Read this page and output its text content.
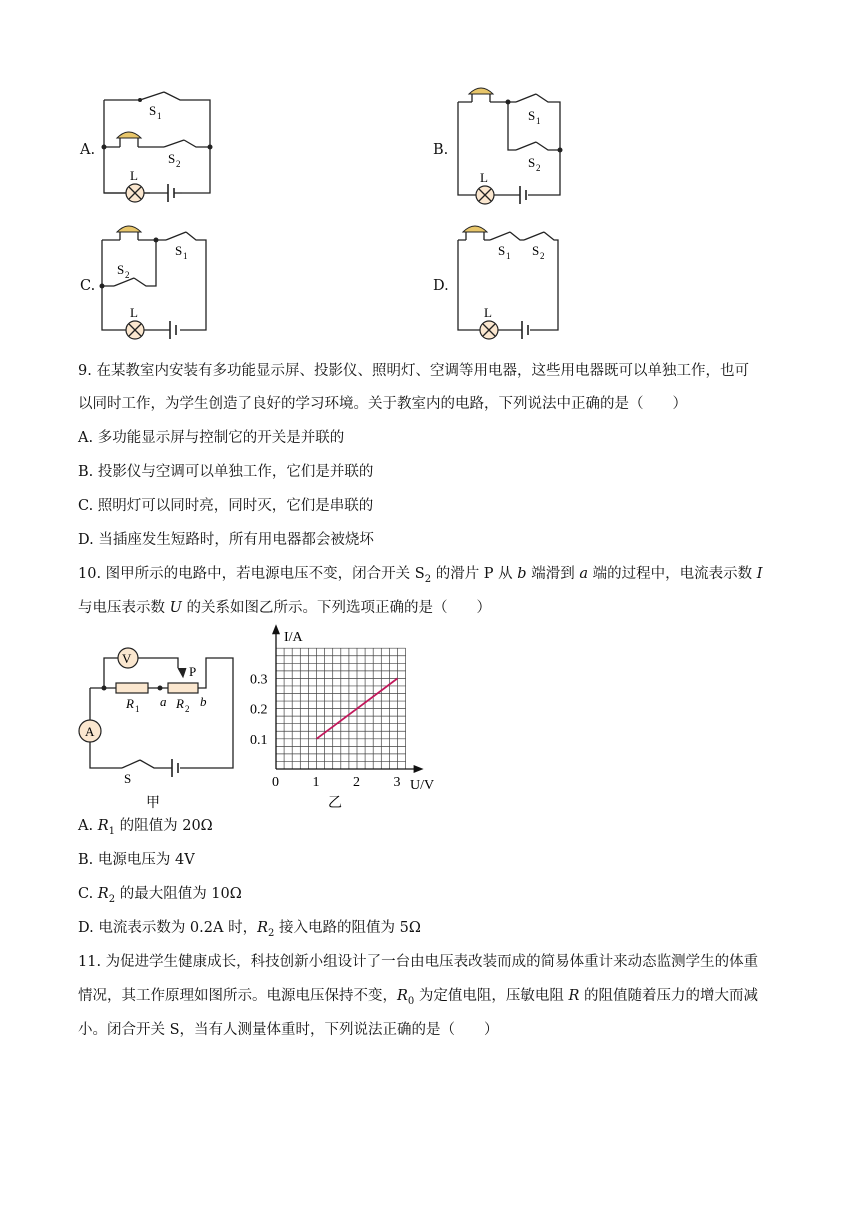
A.	B.
C.	D.
S 1
S 2
L
S 1
S 2
L
S 1
S 2
L
S 1 S 2
L
9. 在某教室内安装有多功能显示屏、投影仪、照明灯、空调等用电器，这些用电器既可以单独工作，也可
以同时工作，为学生创造了良好的学习环境。关于教室内的电路，下列说法中正确的是（　　）
A. 多功能显示屏与控制它的开关是并联的
B. 投影仪与空调可以单独工作，它们是并联的
C. 照明灯可以同时亮，同时灭，它们是串联的
D. 当插座发生短路时，所有用电器都会被烧坏
10. 图甲所示的电路中，若电源电压不变，闭合开关 $S_2$ 的滑片 P 从 b 端滑到 a 端的过程中，电流表示数 I
与电压表示数 U 的关系如图乙所示。下列选项正确的是（　　）
V
A
P
R 1 a R 2 b
S
甲
0 1 2 3
0.1
0.2
0.3
I/A
U/V
乙
A. $R_1$ 的阻值为 20Ω
B. 电源电压为 4V
C. $R_2$ 的最大阻值为 10Ω
D. 电流表示数为 0.2A 时，$R_2$ 接入电路的阻值为 5Ω
11. 为促进学生健康成长，科技创新小组设计了一台由电压表改装而成的简易体重计来动态监测学生的体重
情况，其工作原理如图所示。电源电压保持不变，$R_0$ 为定值电阻，压敏电阻 R 的阻值随着压力的增大而减
小。闭合开关 S，当有人测量体重时，下列说法正确的是（　　）
